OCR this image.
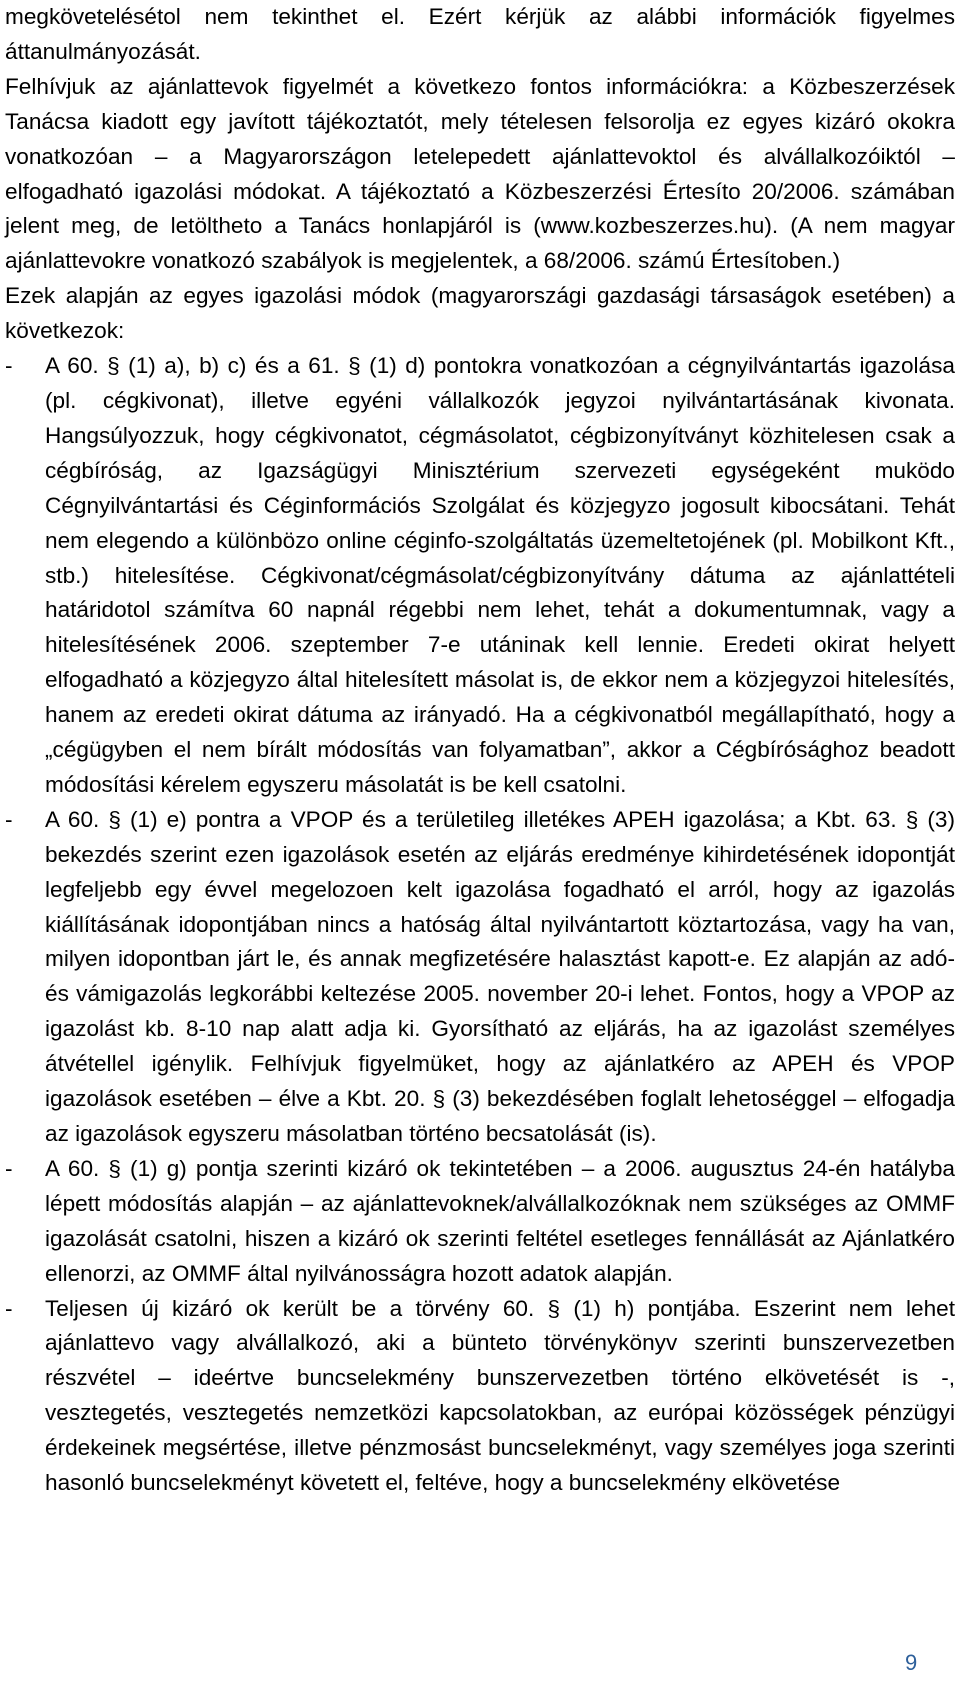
megkövetelésétol nem tekinthet el. Ezért kérjük az alábbi információk figyelmes áttanulmányozását.

Felhívjuk az ajánlattevok figyelmét a következo fontos információkra: a Közbeszerzések Tanácsa kiadott egy javított tájékoztatót, mely tételesen felsorolja ez egyes kizáró okokra vonatkozóan – a Magyarországon letelepedett ajánlattevoktol és alvállalkozóiktól – elfogadható igazolási módokat. A tájékoztató a Közbeszerzési Értesíto 20/2006. számában jelent meg, de letöltheto a Tanács honlapjáról is (www.kozbeszerzes.hu). (A nem magyar ajánlattevokre vonatkozó szabályok is megjelentek, a 68/2006. számú Értesítoben.)

Ezek alapján az egyes igazolási módok (magyarországi gazdasági társaságok esetében) a következok:

- A 60. § (1) a), b) c) és a 61. § (1) d) pontokra vonatkozóan a cégnyilvántartás igazolása (pl. cégkivonat), illetve egyéni vállalkozók jegyzoi nyilvántartásának kivonata. Hangsúlyozzuk, hogy cégkivonatot, cégmásolatot, cégbizonyítványt közhitelesen csak a cégbíróság, az Igazságügyi Minisztérium szervezeti egységeként muködo Cégnyilvántartási és Céginformációs Szolgálat és közjegyzo jogosult kibocsátani. Tehát nem elegendo a különbözo online céginfo-szolgáltatás üzemeltetojének (pl. Mobilkont Kft., stb.) hitelesítése. Cégkivonat/cégmásolat/cégbizonyítvány dátuma az ajánlattételi határidotol számítva 60 napnál régebbi nem lehet, tehát a dokumentumnak, vagy a hitelesítésének 2006. szeptember 7-e utáninak kell lennie. Eredeti okirat helyett elfogadható a közjegyzo által hitelesített másolat is, de ekkor nem a közjegyzoi hitelesítés, hanem az eredeti okirat dátuma az irányadó. Ha a cégkivonatból megállapítható, hogy a „cégügyben el nem bírált módosítás van folyamatban”, akkor a Cégbírósághoz beadott módosítási kérelem egyszeru másolatát is be kell csatolni.
- A 60. § (1) e) pontra a VPOP és a területileg illetékes APEH igazolása; a Kbt. 63. § (3) bekezdés szerint ezen igazolások esetén az eljárás eredménye kihirdetésének idopontját legfeljebb egy évvel megelozoen kelt igazolása fogadható el arról, hogy az igazolás kiállításának idopontjában nincs a hatóság által nyilvántartott köztartozása, vagy ha van, milyen idopontban járt le, és annak megfizetésére halasztást kapott-e. Ez alapján az adó- és vámigazolás legkorábbi keltezése 2005. november 20-i lehet. Fontos, hogy a VPOP az igazolást kb. 8-10 nap alatt adja ki. Gyorsítható az eljárás, ha az igazolást személyes átvétellel igénylik. Felhívjuk figyelmüket, hogy az ajánlatkéro az APEH és VPOP igazolások esetében – élve a Kbt. 20. § (3) bekezdésében foglalt lehetoséggel – elfogadja az igazolások egyszeru másolatban történo becsatolását (is).
- A 60. § (1) g) pontja szerinti kizáró ok tekintetében – a 2006. augusztus 24-én hatályba lépett módosítás alapján – az ajánlattevoknek/alvállalkozóknak nem szükséges az OMMF igazolását csatolni, hiszen a kizáró ok szerinti feltétel esetleges fennállását az Ajánlatkéro ellenorzi, az OMMF által nyilvánosságra hozott adatok alapján.
- Teljesen új kizáró ok került be a törvény 60. § (1) h) pontjába. Eszerint nem lehet ajánlattevo vagy alvállalkozó, aki a bünteto törvénykönyv szerinti bunszervezetben részvétel – ideértve buncselekmény bunszervezetben történo elkövetését is -, vesztegetés, vesztegetés nemzetközi kapcsolatokban, az európai közösségek pénzügyi érdekeinek megsértése, illetve pénzmosást buncselekményt, vagy személyes joga szerinti hasonló buncselekményt követett el, feltéve, hogy a buncselekmény elkövetése
9
